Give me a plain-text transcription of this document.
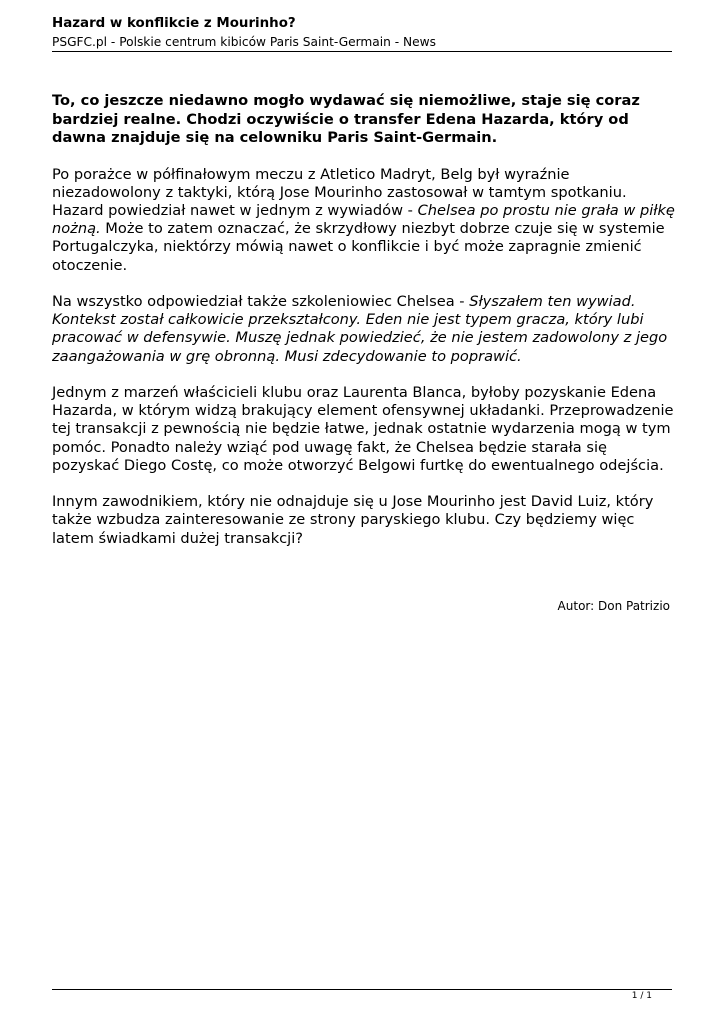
Hazard w konflikcie z Mourinho?
PSGFC.pl - Polskie centrum kibiców Paris Saint-Germain - News

To, co jeszcze niedawno mogło wydawać się niemożliwe, staje się coraz bardziej realne. Chodzi oczywiście o transfer Edena Hazarda, który od dawna znajduje się na celowniku Paris Saint-Germain.

Po porażce w półfinałowym meczu z Atletico Madryt, Belg był wyraźnie niezadowolony z taktyki, którą Jose Mourinho zastosował w tamtym spotkaniu. Hazard powiedział nawet w jednym z wywiadów - Chelsea po prostu nie grała w piłkę nożną. Może to zatem oznaczać, że skrzydłowy niezbyt dobrze czuje się w systemie Portugalczyka, niektórzy mówią nawet o konflikcie i być może zapragnie zmienić otoczenie.

Na wszystko odpowiedział także szkoleniowiec Chelsea - Słyszałem ten wywiad. Kontekst został całkowicie przekształcony. Eden nie jest typem gracza, który lubi pracować w defensywie. Muszę jednak powiedzieć, że nie jestem zadowolony z jego zaangażowania w grę obronną. Musi zdecydowanie to poprawić.

Jednym z marzeń właścicieli klubu oraz Laurenta Blanca, byłoby pozyskanie Edena Hazarda, w którym widzą brakujący element ofensywnej układanki. Przeprowadzenie tej transakcji z pewnością nie będzie łatwe, jednak ostatnie wydarzenia mogą w tym pomóc. Ponadto należy wziąć pod uwagę fakt, że Chelsea będzie starała się pozyskać Diego Costę, co może otworzyć Belgowi furtkę do ewentualnego odejścia.

Innym zawodnikiem, który nie odnajduje się u Jose Mourinho jest David Luiz, który także wzbudza zainteresowanie ze strony paryskiego klubu. Czy będziemy więc latem świadkami dużej transakcji?

Autor: Don Patrizio

1 / 1
